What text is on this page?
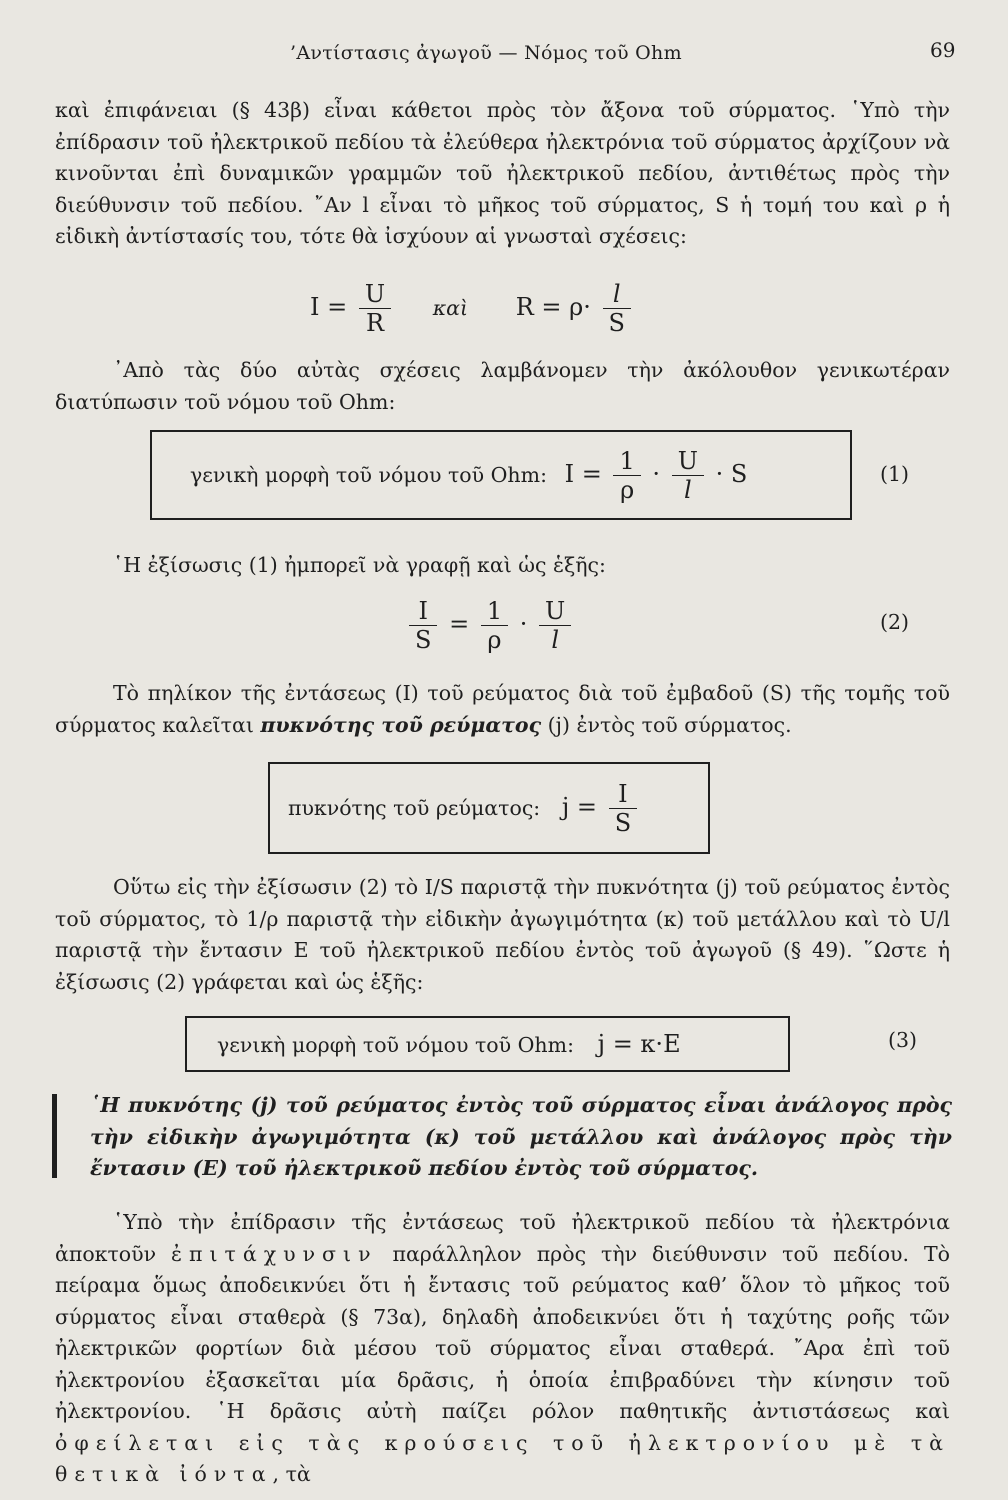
’Αντίστασις ἀγωγοῦ — Νόμος τοῦ Ohm	69

καὶ ἐπιφάνειαι (§ 43β) εἶναι κάθετοι πρὸς τὸν ἄξονα τοῦ σύρματος. ῾Υπὸ τὴν ἐπίδρασιν τοῦ ἠλεκτρικοῦ πεδίου τὰ ἐλεύθερα ἠλεκτρόνια τοῦ σύρματος ἀρχίζουν νὰ κινοῦνται ἐπὶ δυναμικῶν γραμμῶν τοῦ ἠλεκτρικοῦ πεδίου, ἀντιθέτως πρὸς τὴν διεύθυνσιν τοῦ πεδίου. ῎Αν l εἶναι τὸ μῆκος τοῦ σύρματος, S ἡ τομή του καὶ ρ ἡ εἰδικὴ ἀντίστασίς του, τότε θὰ ἰσχύουν αἱ γνωσταὶ σχέσεις:

$I = \frac{U}{R}$ καὶ $R = \rho\cdot \frac{l}{S}$

᾿Απὸ τὰς δύο αὐτὰς σχέσεις λαμβάνομεν τὴν ἀκόλουθον γενικωτέραν διατύπωσιν τοῦ νόμου τοῦ Ohm:

γενικὴ μορφὴ τοῦ νόμου τοῦ Ohm: $I = \frac{1}{\rho} \cdot \frac{U}{l} \cdot S$	(1)

῾Η ἐξίσωσις (1) ἠμπορεῖ νὰ γραφῇ καὶ ὡς ἑξῆς:

$\frac{I}{S} = \frac{1}{\rho} \cdot \frac{U}{l}$	(2)

Τὸ πηλίκον τῆς ἐντάσεως (I) τοῦ ρεύματος διὰ τοῦ ἐμβαδοῦ (S) τῆς τομῆς τοῦ σύρματος καλεῖται πυκνότης τοῦ ρεύματος (j) ἐντὸς τοῦ σύρματος.

πυκνότης τοῦ ρεύματος: $j = \frac{I}{S}$

Οὕτω εἰς τὴν ἐξίσωσιν (2) τὸ I/S παριστᾷ τὴν πυκνότητα (j) τοῦ ρεύματος ἐντὸς τοῦ σύρματος, τὸ 1/ρ παριστᾷ τὴν εἰδικὴν ἀγωγιμότητα (κ) τοῦ μετάλλου καὶ τὸ U/l παριστᾷ τὴν ἔντασιν E τοῦ ἠλεκτρικοῦ πεδίου ἐντὸς τοῦ ἀγωγοῦ (§ 49). ῞Ωστε ἡ ἐξίσωσις (2) γράφεται καὶ ὡς ἑξῆς:

γενικὴ μορφὴ τοῦ νόμου τοῦ Ohm: j = κ·E	(3)

῾Η πυκνότης (j) τοῦ ρεύματος ἐντὸς τοῦ σύρματος εἶναι ἀνάλογος πρὸς τὴν εἰδικὴν ἀγωγιμότητα (κ) τοῦ μετάλλου καὶ ἀνάλογος πρὸς τὴν ἔντασιν (E) τοῦ ἠλεκτρικοῦ πεδίου ἐντὸς τοῦ σύρματος.

῾Υπὸ τὴν ἐπίδρασιν τῆς ἐντάσεως τοῦ ἠλεκτρικοῦ πεδίου τὰ ἠλεκτρόνια ἀποκτοῦν ἐπιτάχυνσιν παράλληλον πρὸς τὴν διεύθυνσιν τοῦ πεδίου. Τὸ πείραμα ὅμως ἀποδεικνύει ὅτι ἡ ἔντασις τοῦ ρεύματος καθ’ ὅλον τὸ μῆκος τοῦ σύρματος εἶναι σταθερὰ (§ 73α), δηλαδὴ ἀποδεικνύει ὅτι ἡ ταχύτης ροῆς τῶν ἠλεκτρικῶν φορτίων διὰ μέσου τοῦ σύρματος εἶναι σταθερά. ῎Αρα ἐπὶ τοῦ ἠλεκτρονίου ἐξασκεῖται μία δρᾶσις, ἡ ὁποία ἐπιβραδύνει τὴν κίνησιν τοῦ ἠλεκτρονίου. ῾Η δρᾶσις αὐτὴ παίζει ρόλον παθητικῆς ἀντιστάσεως καὶ ὀφείλεται εἰς τὰς κρούσεις τοῦ ἠλεκτρονίου μὲ τὰ θετικὰ ἰόντα, τὰ
